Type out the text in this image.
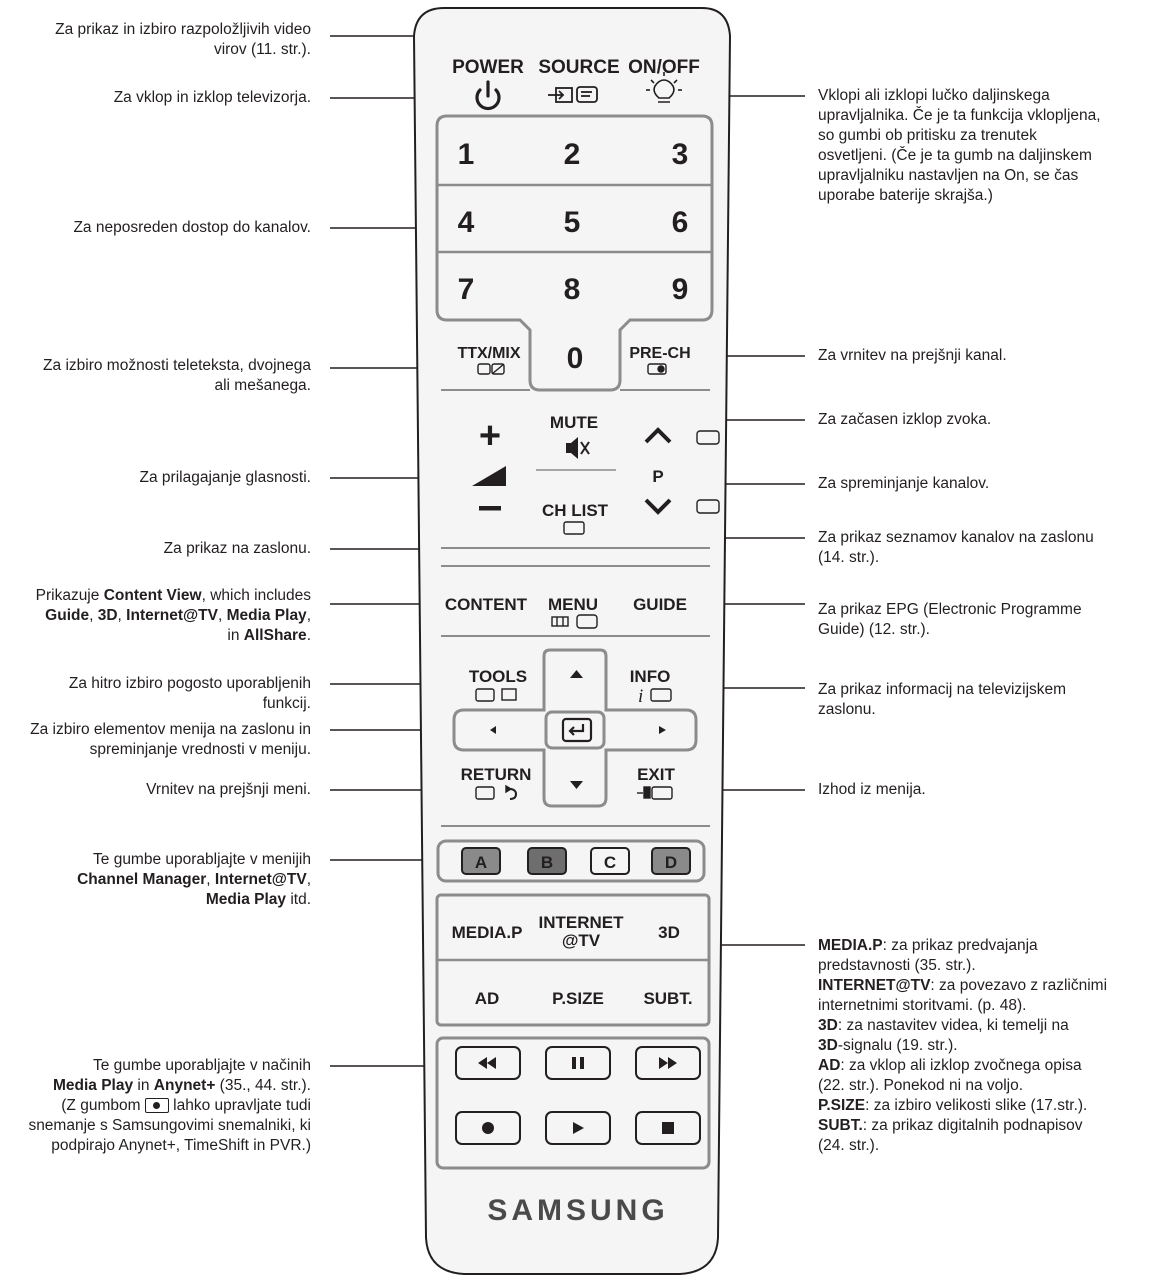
POWER SOURCE ON/OFF
1	2	3
4	5	6
7	8	9
0
TTX/MIX	PRE-CH
+	MUTE
P
CH LIST
CONTENT MENU GUIDE
TOOLS	INFO
RETURN	EXIT
i
A	B	C	D
MEDIA.P
INTERNET
@TV	3D
AD	P.SIZE SUBT.
SAMSUNG
Za prikaz in izbiro razpoložljivih video
virov (11. str.).
Za vklop in izklop televizorja.
Za neposreden dostop do kanalov.
Za izbiro možnosti teleteksta, dvojnega
ali mešanega.
Za prilagajanje glasnosti.
Za prikaz na zaslonu.
Prikazuje Content View, which includes
Guide, 3D, Internet@TV, Media Play,
in AllShare.
Za hitro izbiro pogosto uporabljenih
funkcij.
Za izbiro elementov menija na zaslonu in
spreminjanje vrednosti v meniju.
Vrnitev na prejšnji meni.
Te gumbe uporabljajte v menijih
Channel Manager, Internet@TV,
Media Play itd.
Te gumbe uporabljajte v načinih
Media Play in Anynet+ (35., 44. str.).
(Z gumbom
lahko upravljate tudi
snemanje s Samsungovimi snemalniki, ki
podpirajo Anynet+, TimeShift in PVR.)
Vklopi ali izklopi lučko daljinskega
upravljalnika. Če je ta funkcija vklopljena,
so gumbi ob pritisku za trenutek
osvetljeni. (Če je ta gumb na daljinskem
upravljalniku nastavljen na On, se čas
uporabe baterije skrajša.)
Za vrnitev na prejšnji kanal.
Za začasen izklop zvoka.
Za spreminjanje kanalov.
Za prikaz seznamov kanalov na zaslonu
(14. str.).
Za prikaz EPG (Electronic Programme
Guide) (12. str.).
Za prikaz informacij na televizijskem
zaslonu.
Izhod iz menija.
MEDIA.P: za prikaz predvajanja
predstavnosti (35. str.).
INTERNET@TV: za povezavo z različnimi
internetnimi storitvami. (p. 48).
3D: za nastavitev videa, ki temelji na
3D-signalu (19. str.).
AD: za vklop ali izklop zvočnega opisa
(22. str.). Ponekod ni na voljo.
P.SIZE: za izbiro velikosti slike (17.str.).
SUBT.: za prikaz digitalnih podnapisov
(24. str.).
